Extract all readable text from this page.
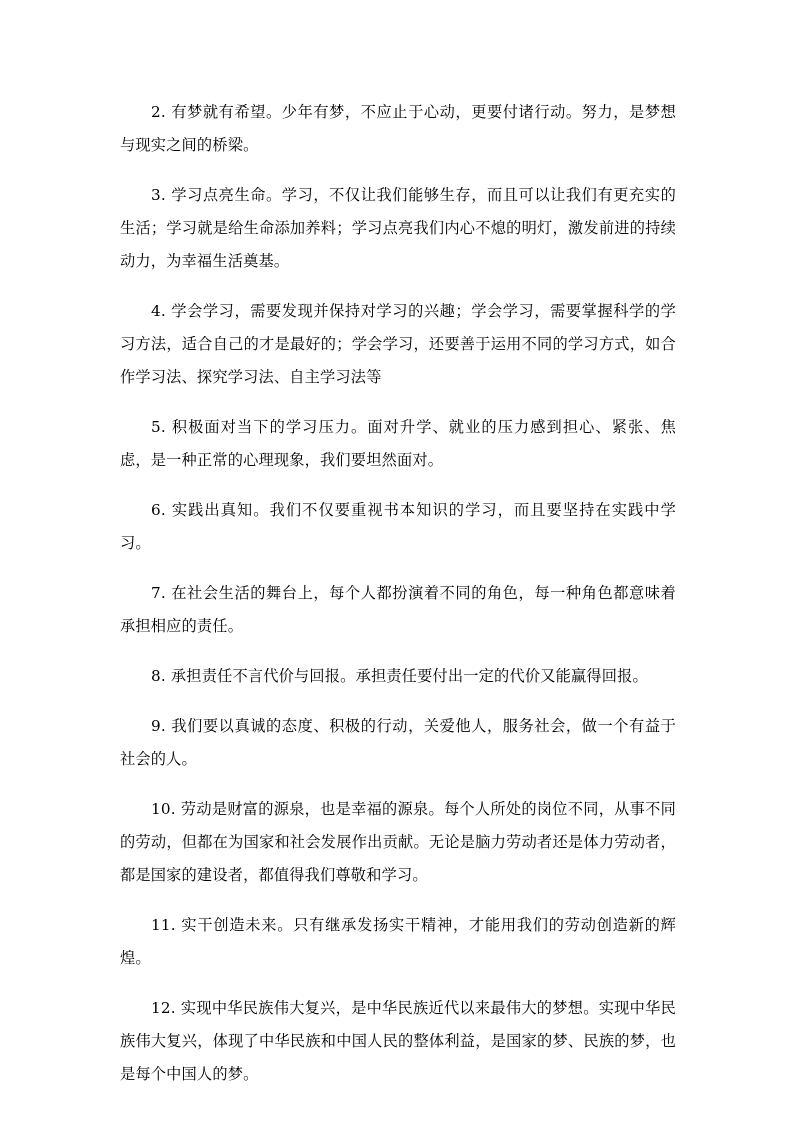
2. 有梦就有希望。少年有梦，不应止于心动，更要付诸行动。努力，是梦想与现实之间的桥梁。

3. 学习点亮生命。学习，不仅让我们能够生存，而且可以让我们有更充实的生活；学习就是给生命添加养料；学习点亮我们内心不熄的明灯，激发前进的持续动力，为幸福生活奠基。

4. 学会学习，需要发现并保持对学习的兴趣；学会学习，需要掌握科学的学习方法，适合自己的才是最好的；学会学习，还要善于运用不同的学习方式，如合作学习法、探究学习法、自主学习法等

5. 积极面对当下的学习压力。面对升学、就业的压力感到担心、紧张、焦虑，是一种正常的心理现象，我们要坦然面对。

6. 实践出真知。我们不仅要重视书本知识的学习，而且要坚持在实践中学习。

7. 在社会生活的舞台上，每个人都扮演着不同的角色，每一种角色都意味着承担相应的责任。

8. 承担责任不言代价与回报。承担责任要付出一定的代价又能赢得回报。

9. 我们要以真诚的态度、积极的行动，关爱他人，服务社会，做一个有益于社会的人。

10. 劳动是财富的源泉，也是幸福的源泉。每个人所处的岗位不同，从事不同的劳动，但都在为国家和社会发展作出贡献。无论是脑力劳动者还是体力劳动者，都是国家的建设者，都值得我们尊敬和学习。

11. 实干创造未来。只有继承发扬实干精神，才能用我们的劳动创造新的辉煌。

12. 实现中华民族伟大复兴，是中华民族近代以来最伟大的梦想。实现中华民族伟大复兴，体现了中华民族和中国人民的整体利益，是国家的梦、民族的梦，也是每个中国人的梦。
